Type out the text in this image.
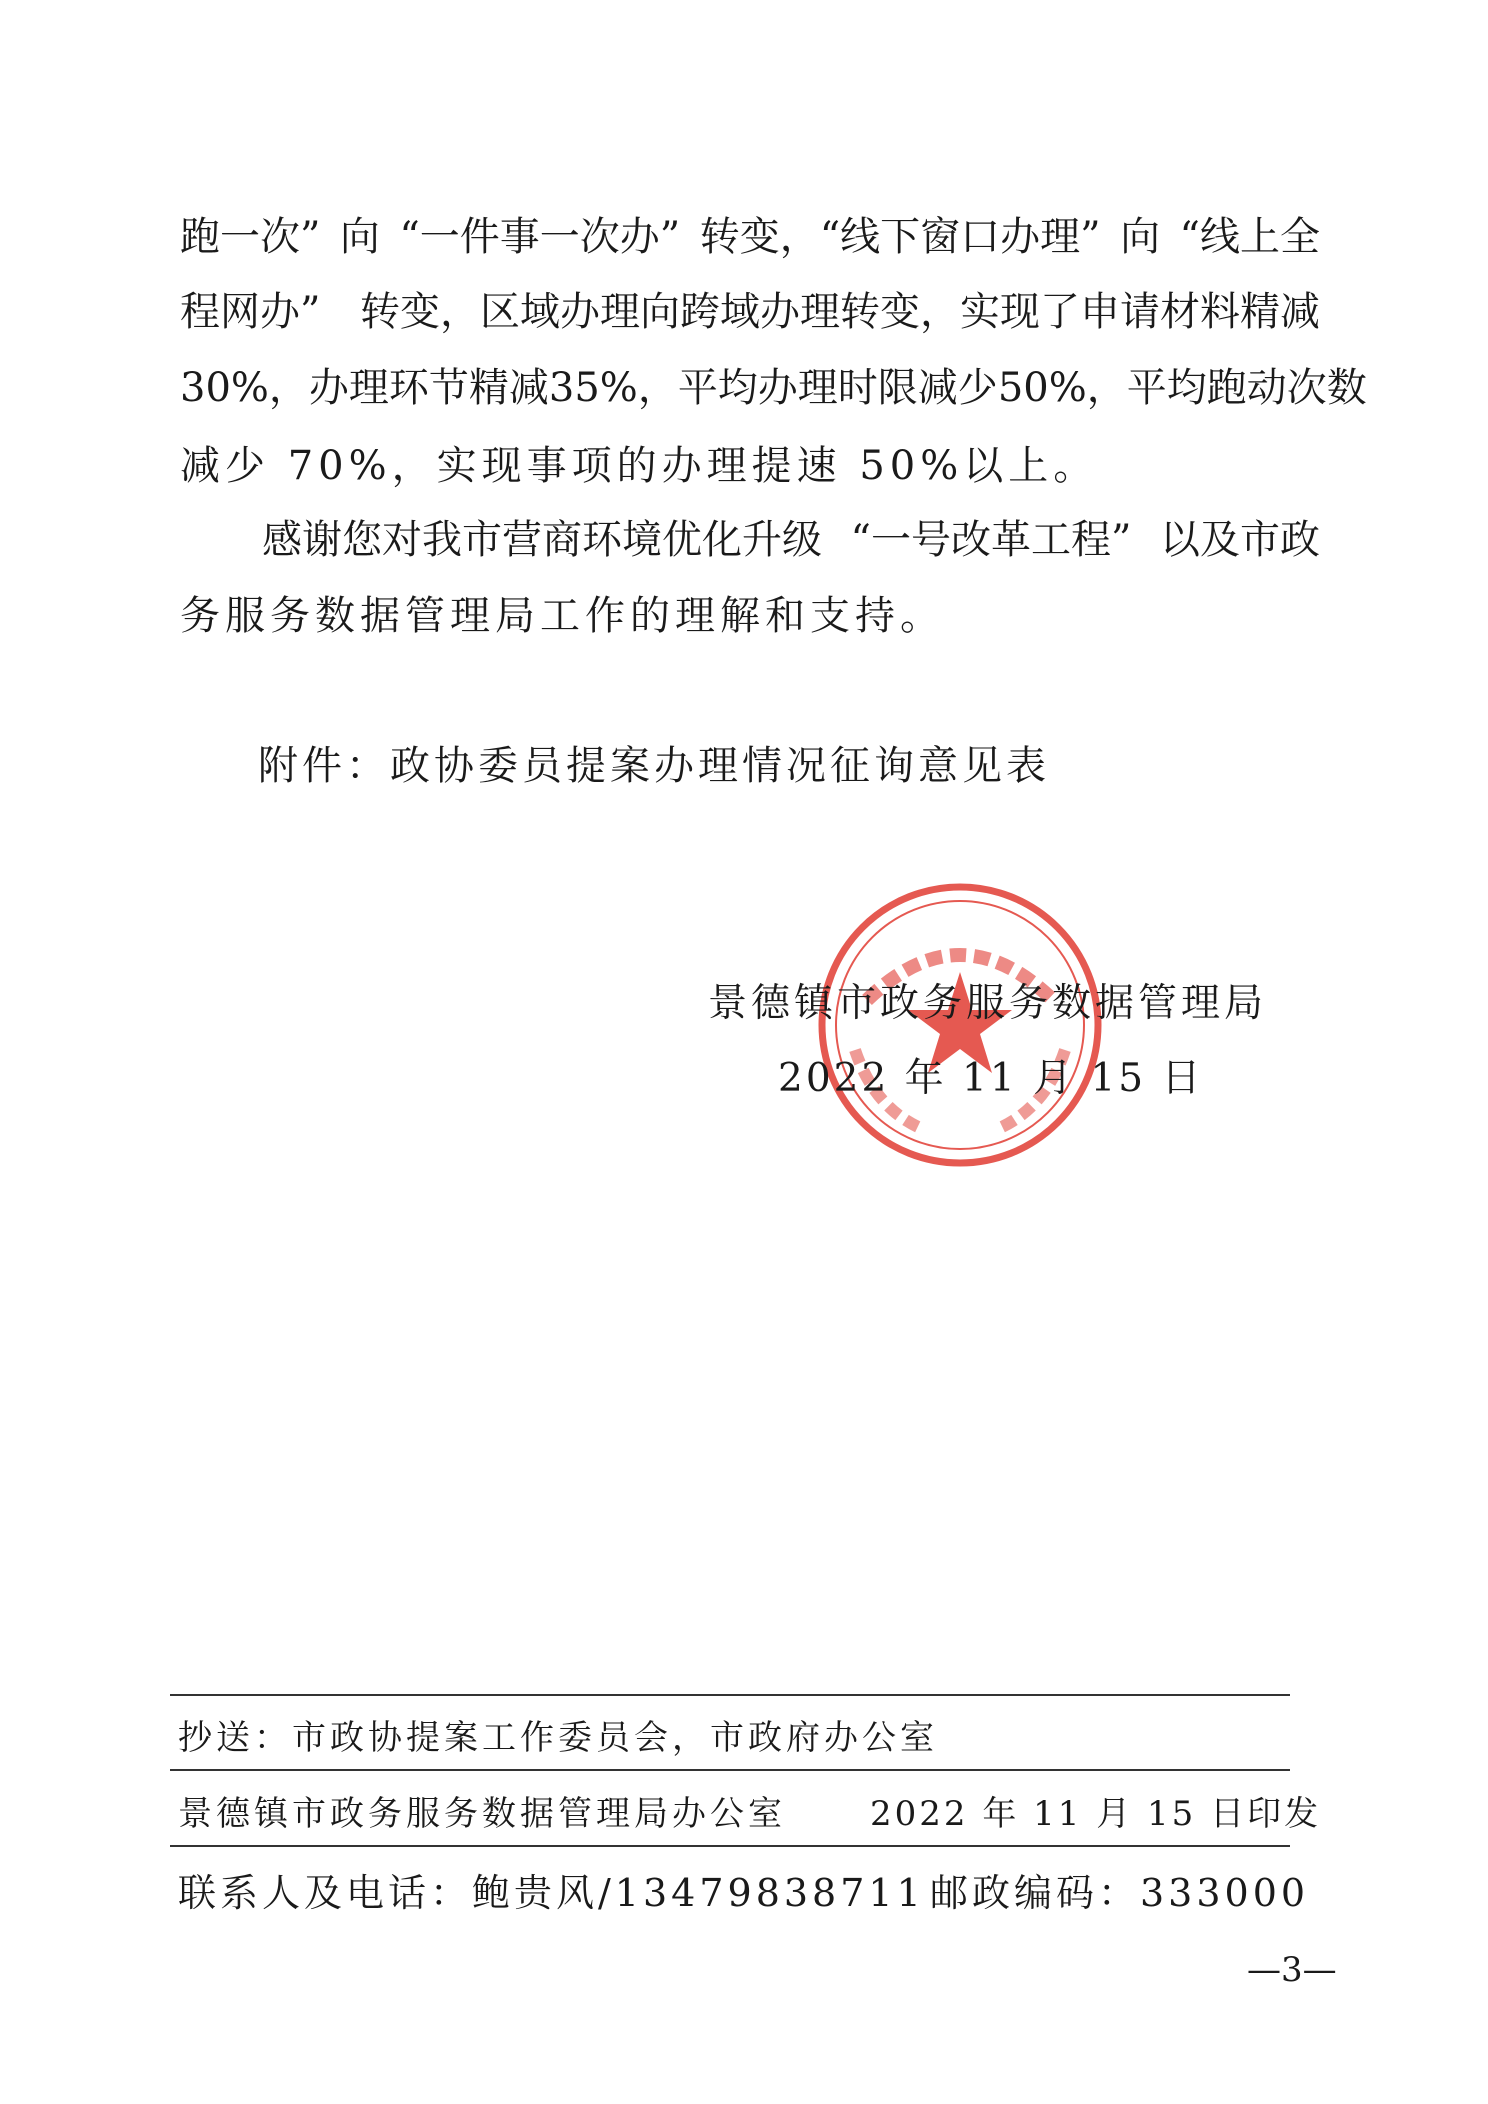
跑一次” 向 “一件事一次办” 转变，“线下窗口办理” 向 “线上全
程网办” 转变，区域办理向跨域办理转变，实现了申请材料精减
30%， 办理环节精减 35%， 平均办理时限减少 50%， 平均跑动次数
减少 70%，实现事项的办理提速 50%以上。
感谢您对我市营商环境优化升级 “一号改革工程” 以及市政
务服务数据管理局工作的理解和支持。
附件：政协委员提案办理情况征询意见表
景德镇市政务服务数据管理局
2022 年 11 月 15 日
抄送：市政协提案工作委员会，市政府办公室
景德镇市政务服务数据管理局办公室 2022 年 11 月 15 日印发
联系人及电话：鲍贵风/13479838711 邮政编码：333000
—3—
